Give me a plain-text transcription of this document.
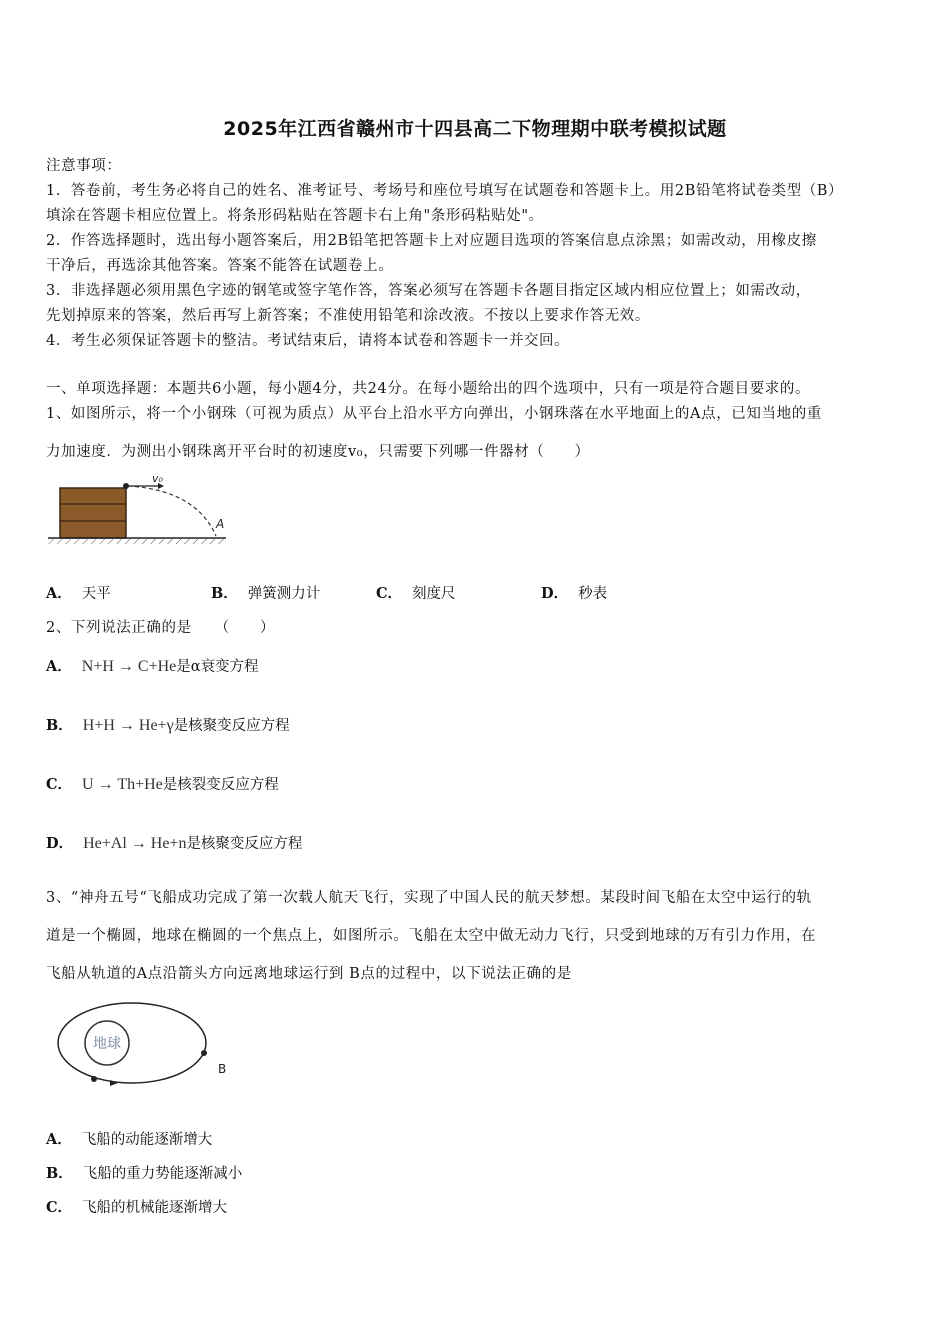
2025年江西省赣州市十四县高二下物理期中联考模拟试题
注意事项：
1．答卷前，考生务必将自己的姓名、准考证号、考场号和座位号填写在试题卷和答题卡上。用2B铅笔将试卷类型（B）
填涂在答题卡相应位置上。将条形码粘贴在答题卡右上角"条形码粘贴处"。
2．作答选择题时，选出每小题答案后，用2B铅笔把答题卡上对应题目选项的答案信息点涂黑；如需改动，用橡皮擦
干净后，再选涂其他答案。答案不能答在试题卷上。
3．非选择题必须用黑色字迹的钢笔或签字笔作答，答案必须写在答题卡各题目指定区域内相应位置上；如需改动，
先划掉原来的答案，然后再写上新答案；不准使用铅笔和涂改液。不按以上要求作答无效。
4．考生必须保证答题卡的整洁。考试结束后，请将本试卷和答题卡一并交回。
一、单项选择题：本题共6小题，每小题4分，共24分。在每小题给出的四个选项中，只有一项是符合题目要求的。
1、如图所示，将一个小钢珠（可视为质点）从平台上沿水平方向弹出，小钢珠落在水平地面上的A点，已知当地的重
力加速度．为测出小钢珠离开平台时的初速度v₀，只需要下列哪一件器材（　　）
v₀
A
A． 天平	B． 弹簧测力计	C． 刻度尺	D． 秒表
2、下列说法正确的是　　（　　）
A． N+H → C+He是α衰变方程
B． H+H → He+γ是核聚变反应方程
C． U → Th+He是核裂变反应方程
D． He+Al → He+n是核聚变反应方程
3、“神舟五号“飞船成功完成了第一次载人航天飞行，实现了中国人民的航天梦想。某段时间飞船在太空中运行的轨
道是一个椭圆，地球在椭圆的一个焦点上，如图所示。飞船在太空中做无动力飞行，只受到地球的万有引力作用，在
飞船从轨道的A点沿箭头方向远离地球运行到 B点的过程中，以下说法正确的是
地球
B
A． 飞船的动能逐渐增大
B． 飞船的重力势能逐渐减小
C． 飞船的机械能逐渐增大
